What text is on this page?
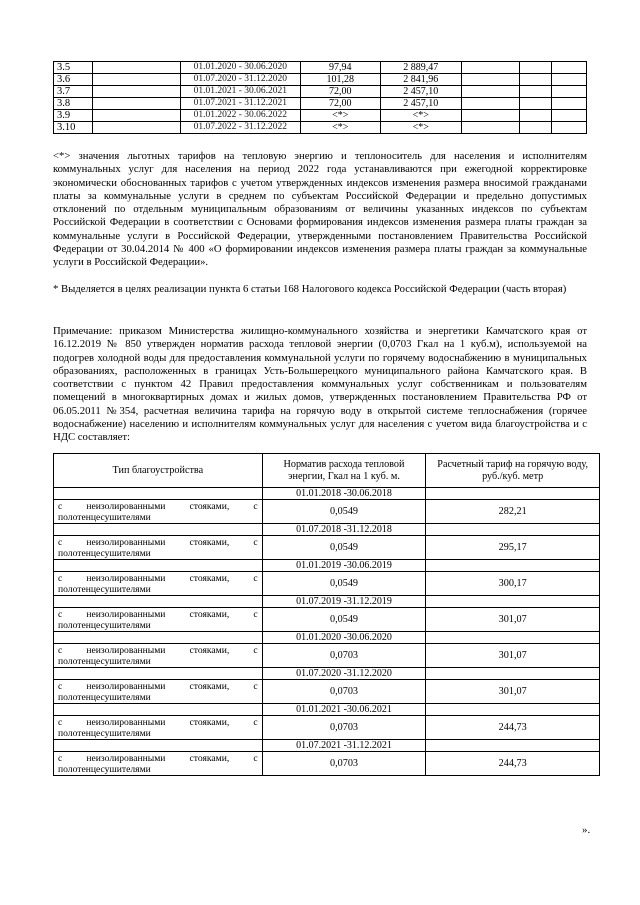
3.5		01.01.2020 - 30.06.2020	97,94	2 889,47			
3.6		01.07.2020 - 31.12.2020	101,28	2 841,96			
3.7		01.01.2021 - 30.06.2021	72,00	2 457,10			
3.8		01.07.2021 - 31.12.2021	72,00	2 457,10			
3.9		01.01.2022 - 30.06.2022	<*>	<*>			
3.10		01.07.2022 - 31.12.2022	<*>	<*>			
<*> значения льготных тарифов на тепловую энергию и теплоноситель для населения и исполнителям коммунальных услуг для населения на период 2022 года устанавливаются при ежегодной корректировке экономически обоснованных тарифов с учетом утвержденных индексов изменения размера вносимой гражданами платы за коммунальные услуги в среднем по субъектам Российской Федерации и предельно допустимых отклонений по отдельным муниципальным образованиям от величины указанных индексов по субъектам Российской Федерации в соответствии с Основами формирования индексов изменения размера платы граждан за коммунальные услуги в Российской Федерации, утвержденными постановлением Правительства Российской Федерации от 30.04.2014 № 400 «О формировании индексов изменения размера платы граждан за коммунальные услуги в Российской Федерации».
* Выделяется в целях реализации пункта 6 статьи 168 Налогового кодекса Российской Федерации (часть вторая)
Примечание: приказом Министерства жилищно-коммунального хозяйства и энергетики Камчатского края от 16.12.2019 № 850 утвержден норматив расхода тепловой энергии (0,0703 Гкал на 1 куб.м), используемой на подогрев холодной воды для предоставления коммунальной услуги по горячему водоснабжению в муниципальных образованиях, расположенных в границах Усть-Большерецкого муниципального района Камчатского края. В соответствии с пунктом 42 Правил предоставления коммунальных услуг собственникам и пользователям помещений в многоквартирных домах и жилых домов, утвержденных постановлением Правительства РФ от 06.05.2011 №354, расчетная величина тарифа на горячую воду в открытой системе теплоснабжения (горячее водоснабжение) населению и исполнителям коммунальных услуг для населения с учетом вида благоустройства и с НДС составляет:
Тип благоустройства	Норматив расхода тепловой энергии, Гкал на 1 куб. м.	Расчетный тариф на горячую воду, руб./куб. метр
	01.01.2018 -30.06.2018	

с неизолированными стояками, с полотенцесушителями	0,0549	282,21
	01.07.2018 -31.12.2018	

с неизолированными стояками, с полотенцесушителями	0,0549	295,17
	01.01.2019 -30.06.2019	

с неизолированными стояками, с полотенцесушителями	0,0549	300,17
	01.07.2019 -31.12.2019	

с неизолированными стояками, с полотенцесушителями	0,0549	301,07
	01.01.2020 -30.06.2020	

с неизолированными стояками, с полотенцесушителями	0,0703	301,07
	01.07.2020 -31.12.2020	

с неизолированными стояками, с полотенцесушителями	0,0703	301,07
	01.01.2021 -30.06.2021	

с неизолированными стояками, с полотенцесушителями	0,0703	244,73
	01.07.2021 -31.12.2021	

с неизолированными стояками, с полотенцесушителями	0,0703	244,73
».
